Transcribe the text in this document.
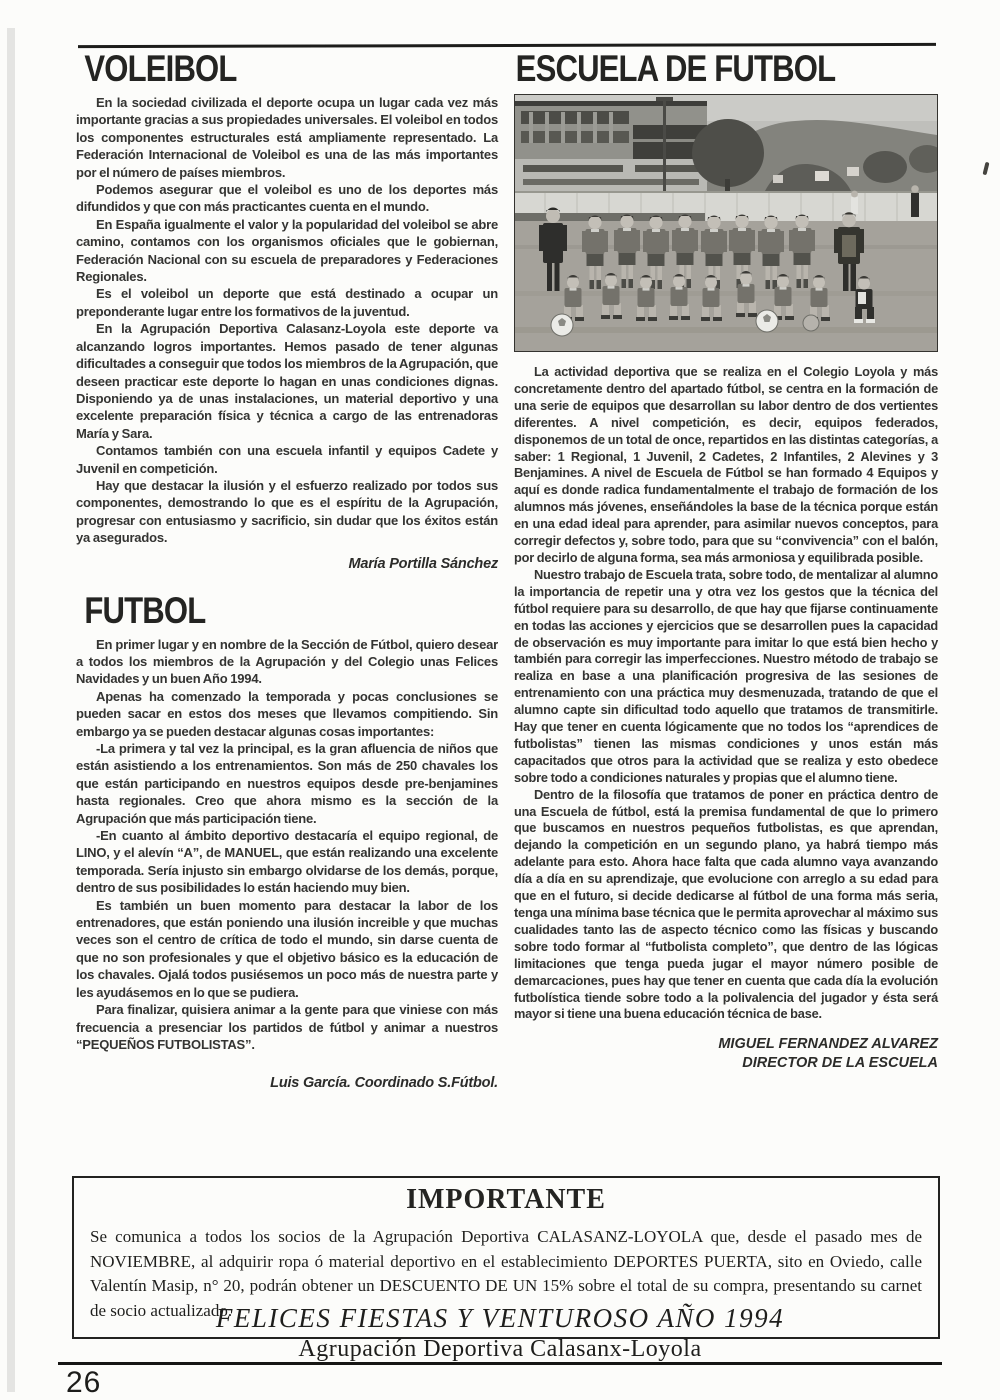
VOLEIBOL

En la sociedad civilizada el deporte ocupa un lugar cada vez más importante gracias a sus propiedades universales. El voleibol en todos los componentes estructurales está ampliamente representado. La Federación Internacional de Voleibol es una de las más importantes por el número de países miembros.

Podemos asegurar que el voleibol es uno de los deportes más difundidos y que con más practicantes cuenta en el mundo.

En España igualmente el valor y la popularidad del voleibol se abre camino, contamos con los organismos oficiales que le gobiernan, Federación Nacional con su escuela de preparadores y Federaciones Regionales.

Es el voleibol un deporte que está destinado a ocupar un preponderante lugar entre los formativos de la juventud.

En la Agrupación Deportiva Calasanz-Loyola este deporte va alcanzando logros importantes. Hemos pasado de tener algunas dificultades a conseguir que todos los miembros de la Agrupación, que deseen practicar este deporte lo hagan en unas condiciones dignas. Disponiendo ya de unas instalaciones, un material deportivo y una excelente preparación física y técnica a cargo de las entrenadoras María y Sara.

Contamos también con una escuela infantil y equipos Cadete y Juvenil en competición.

Hay que destacar la ilusión y el esfuerzo realizado por todos sus componentes, demostrando lo que es el espíritu de la Agrupación, progresar con entusiasmo y sacrificio, sin dudar que los éxitos están ya asegurados.

María Portilla Sánchez
FUTBOL

En primer lugar y en nombre de la Sección de Fútbol, quiero desear a todos los miembros de la Agrupación y del Colegio unas Felices Navidades y un buen Año 1994.

Apenas ha comenzado la temporada y pocas conclusiones se pueden sacar en estos dos meses que llevamos compitiendo. Sin embargo ya se pueden destacar algunas cosas importantes:

-La primera y tal vez la principal, es la gran afluencia de niños que están asistiendo a los entrenamientos. Son más de 250 chavales los que están participando en nuestros equipos desde pre-benjamines hasta regionales. Creo que ahora mismo es la sección de la Agrupación que más participación tiene.

-En cuanto al ámbito deportivo destacaría el equipo regional, de LINO, y el alevín “A”, de MANUEL, que están realizando una excelente temporada. Sería injusto sin embargo olvidarse de los demás, porque, dentro de sus posibilidades lo están haciendo muy bien.

Es también un buen momento para destacar la labor de los entrenadores, que están poniendo una ilusión increible y que muchas veces son el centro de crítica de todo el mundo, sin darse cuenta de que no son profesionales y que el objetivo básico es la educación de los chavales. Ojalá todos pusiésemos un poco más de nuestra parte y les ayudásemos en lo que se pudiera.

Para finalizar, quisiera animar a la gente para que viniese con más frecuencia a presenciar los partidos de fútbol y animar a nuestros “PEQUEÑOS FUTBOLISTAS”.

Luis García. Coordinado S.Fútbol.
ESCUELA DE FUTBOL

La actividad deportiva que se realiza en el Colegio Loyola y más concretamente dentro del apartado fútbol, se centra en la formación de una serie de equipos que desarrollan su labor dentro de dos vertientes diferentes. A nivel competición, es decir, equipos federados, disponemos de un total de once, repartidos en las distintas categorías, a saber: 1 Regional, 1 Juvenil, 2 Cadetes, 2 Infantiles, 2 Alevines y 3 Benjamines. A nivel de Escuela de Fútbol se han formado 4 Equipos y aquí es donde radica fundamentalmente el trabajo de formación de los alumnos más jóvenes, enseñándoles la base de la técnica porque están en una edad ideal para aprender, para asimilar nuevos conceptos, para corregir defectos y, sobre todo, para que su “convivencia” con el balón, por decirlo de alguna forma, sea más armoniosa y equilibrada posible.

Nuestro trabajo de Escuela trata, sobre todo, de mentalizar al alumno la importancia de repetir una y otra vez los gestos que la técnica del fútbol requiere para su desarrollo, de que hay que fijarse continuamente en todas las acciones y ejercicios que se desarrollen pues la capacidad de observación es muy importante para imitar lo que está bien hecho y también para corregir las imperfecciones. Nuestro método de trabajo se realiza en base a una planificación progresiva de las sesiones de entrenamiento con una práctica muy desmenuzada, tratando de que el alumno capte sin dificultad todo aquello que tratamos de transmitirle. Hay que tener en cuenta lógicamente que no todos los “aprendices de futbolistas” tienen las mismas condiciones y unos están más capacitados que otros para la actividad que se realiza y esto obedece sobre todo a condiciones naturales y propias que el alumno tiene.

Dentro de la filosofía que tratamos de poner en práctica dentro de una Escuela de fútbol, está la premisa fundamental de que lo primero que buscamos en nuestros pequeños futbolistas, es que aprendan, dejando la competición en un segundo plano, ya habrá tiempo más adelante para esto. Ahora hace falta que cada alumno vaya avanzando día a día en su aprendizaje, que evolucione con arreglo a su edad para que en el futuro, si decide dedicarse al fútbol de una forma más seria, tenga una mínima base técnica que le permita aprovechar al máximo sus cualidades tanto las de aspecto técnico como las físicas y buscando sobre todo formar al “futbolista completo”, que dentro de las lógicas limitaciones que tenga pueda jugar el mayor número posible de demarcaciones, pues hay que tener en cuenta que cada día la evolución futbolística tiende sobre todo a la polivalencia del jugador y ésta será mayor si tiene una buena educación técnica de base.

MIGUEL FERNANDEZ ALVAREZ
DIRECTOR DE LA ESCUELA
IMPORTANTE
Se comunica a todos los socios de la Agrupación Deportiva CALASANZ-LOYOLA que, desde el pasado mes de NOVIEMBRE, al adquirir ropa ó material deportivo en el establecimiento DEPORTES PUERTA, sito en Oviedo, calle Valentín Masip, n° 20, podrán obtener un DESCUENTO DE UN 15% sobre el total de su compra, presentando su carnet de socio actualizado.
FELICES FIESTAS Y VENTUROSO AÑO 1994
Agrupación Deportiva Calasanx-Loyola
26
